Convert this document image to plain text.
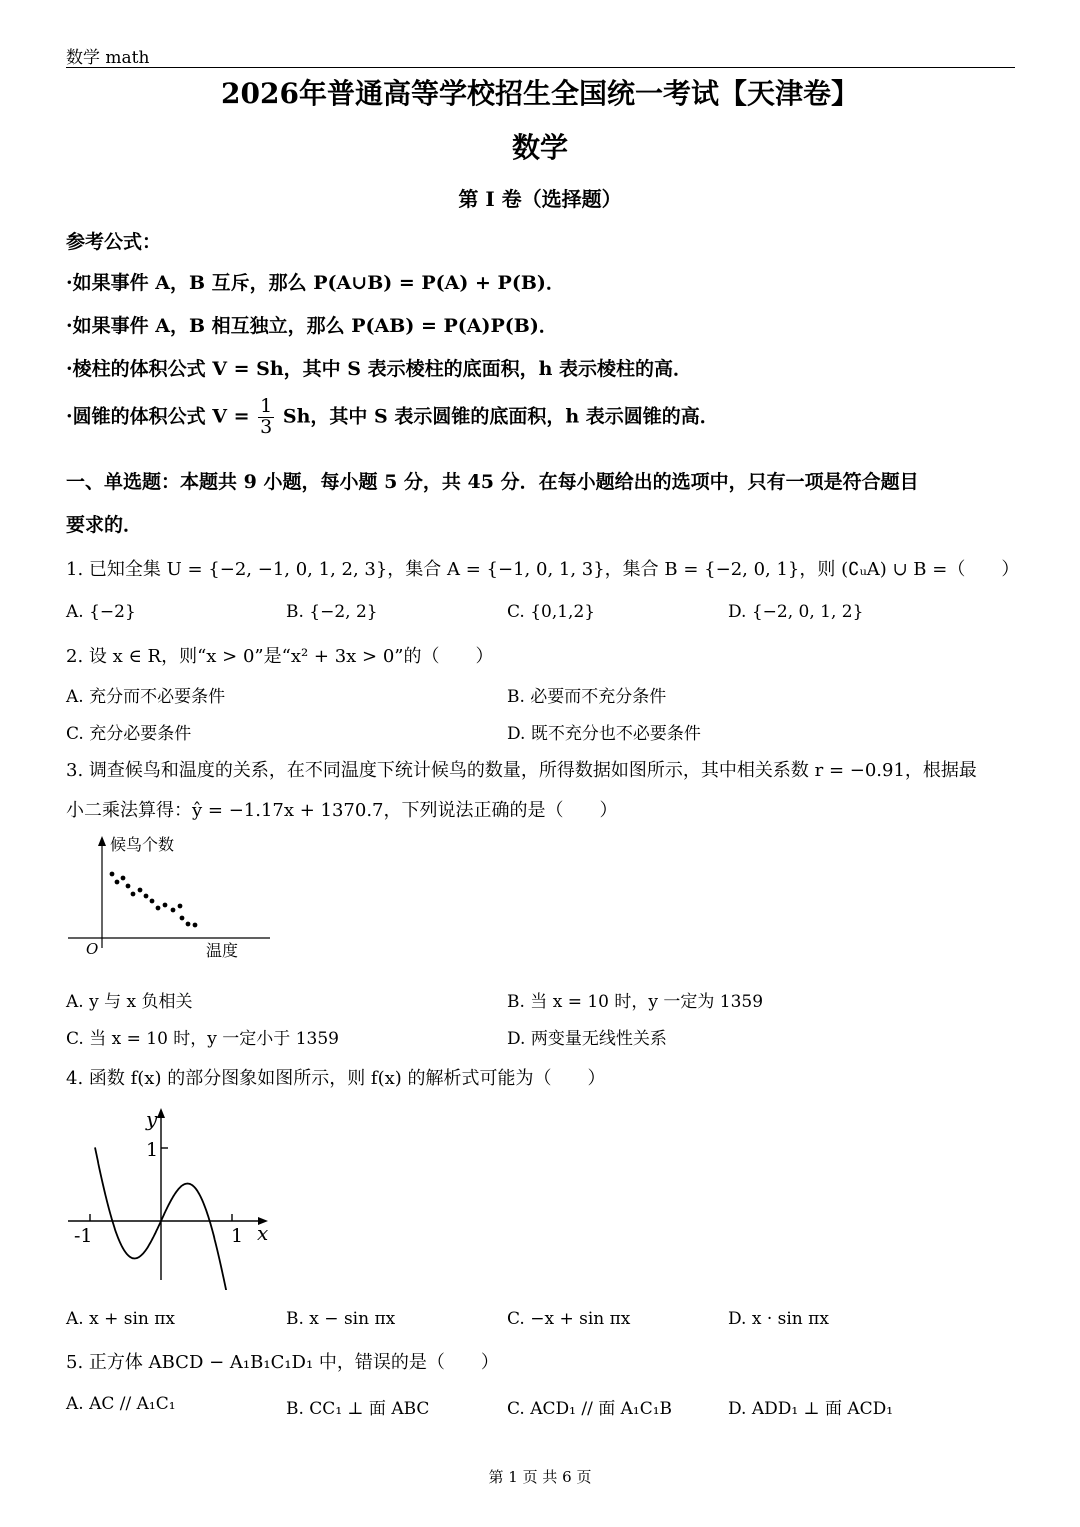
数学 math
2026年普通高等学校招生全国统一考试【天津卷】
数学
第 I 卷（选择题）
参考公式：
·如果事件 A，B 互斥，那么 P(A∪B) = P(A) + P(B)．
·如果事件 A，B 相互独立，那么 P(AB) = P(A)P(B)．
·棱柱的体积公式 V = Sh，其中 S 表示棱柱的底面积，h 表示棱柱的高．
·圆锥的体积公式 $V = \frac{1}{3}$ Sh，其中 S 表示圆锥的底面积，h 表示圆锥的高．
一、单选题：本题共 9 小题，每小题 5 分，共 45 分．在每小题给出的选项中，只有一项是符合题目
要求的．
1. 已知全集 U = {−2, −1, 0, 1, 2, 3}，集合 A = {−1, 0, 1, 3}，集合 B = {−2, 0, 1}，则 (∁ᵤA) ∪ B =（　　）
A. {−2}	B. {−2, 2}	C. {0,1,2}	D. {−2, 0, 1, 2}
2. 设 x ∈ R，则“x > 0”是“x² + 3x > 0”的（　　）
A. 充分而不必要条件	B. 必要而不充分条件
C. 充分必要条件	D. 既不充分也不必要条件
3. 调查候鸟和温度的关系，在不同温度下统计候鸟的数量，所得数据如图所示，其中相关系数 r = −0.91，根据最
小二乘法算得：ŷ = −1.17x + 1370.7，下列说法正确的是（　　）
候鸟个数
温度
O
A. y 与 x 负相关	B. 当 x = 10 时，y 一定为 1359
C. 当 x = 10 时，y 一定小于 1359	D. 两变量无线性关系
4. 函数 f(x) 的部分图象如图所示，则 f(x) 的解析式可能为（　　）
y
x
1
-1	1
A. x + sin πx	B. x − sin πx	C. −x + sin πx	D. x · sin πx
5. 正方体 ABCD − A₁B₁C₁D₁ 中，错误的是（　　）
A. AC // A₁C₁	B. CC₁ ⊥ 面 ABC	C. ACD₁ // 面 A₁C₁B	D. ADD₁ ⊥ 面 ACD₁
第 1 页 共 6 页
